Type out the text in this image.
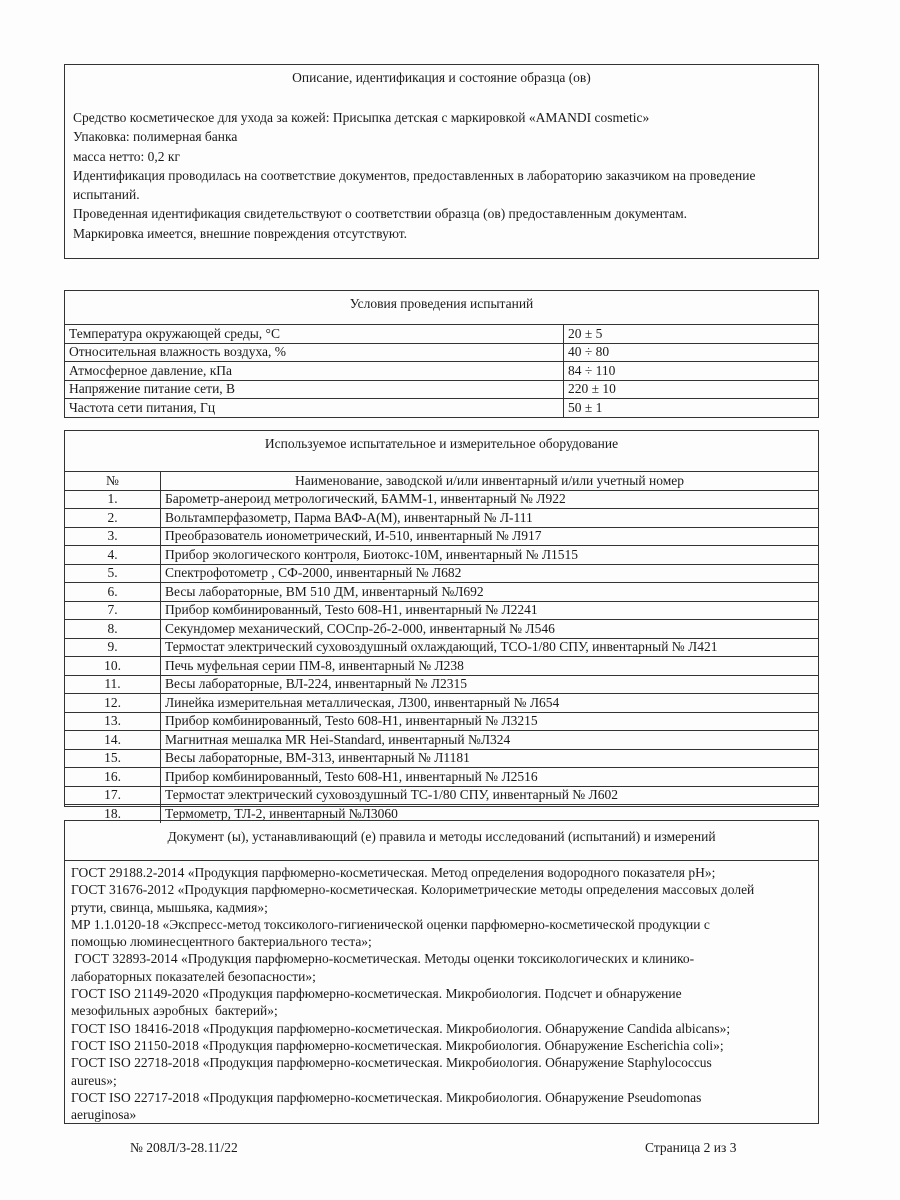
Описание, идентификация и состояние образца (ов)
Средство косметическое для ухода за кожей: Присыпка детская с маркировкой «AMANDI cosmetic»
Упаковка: полимерная банка
масса нетто: 0,2 кг
Идентификация проводилась на соответствие документов, предоставленных в лабораторию заказчиком на проведение
испытаний.
Проведенная идентификация свидетельствуют о соответствии образца (ов) предоставленным документам.
Маркировка имеется, внешние повреждения отсутствуют.
Условия проведения испытаний
Температура окружающей среды, °С	20 ± 5
Относительная влажность воздуха, %	40 ÷ 80
Атмосферное давление, кПа	84 ÷ 110
Напряжение питание сети, В	220 ± 10
Частота сети питания, Гц	50 ± 1
Используемое испытательное и измерительное оборудование
№	Наименование, заводской и/или инвентарный и/или учетный номер
1.	Барометр-анероид метрологический, БАММ-1, инвентарный № Л922
2.	Вольтамперфазометр, Парма ВАФ-А(М), инвентарный № Л-111
3.	Преобразователь ионометрический, И-510, инвентарный № Л917
4.	Прибор экологического контроля, Биотокс-10М, инвентарный № Л1515
5.	Спектрофотометр , СФ-2000, инвентарный № Л682
6.	Весы лабораторные, ВМ 510 ДМ, инвентарный №Л692
7.	Прибор комбинированный, Testo 608-H1, инвентарный № Л2241
8.	Секундомер механический, СОСпр-2б-2-000, инвентарный № Л546
9.	Термостат электрический суховоздушный охлаждающий, ТСО-1/80 СПУ, инвентарный № Л421
10.	Печь муфельная серии ПМ-8, инвентарный № Л238
11.	Весы лабораторные, ВЛ-224, инвентарный № Л2315
12.	Линейка измерительная металлическая, Л300, инвентарный № Л654
13.	Прибор комбинированный, Testo 608-H1, инвентарный № Л3215
14.	Магнитная мешалка MR Hei-Standard, инвентарный №Л324
15.	Весы лабораторные, ВМ-313, инвентарный № Л1181
16.	Прибор комбинированный, Testo 608-H1, инвентарный № Л2516
17.	Термостат электрический суховоздушный ТС-1/80 СПУ, инвентарный № Л602
18.	Термометр, ТЛ-2, инвентарный №Л3060
Документ (ы), устанавливающий (е) правила и методы исследований (испытаний) и измерений
ГОСТ 29188.2-2014 «Продукция парфюмерно-косметическая. Метод определения водородного показателя pH»;
ГОСТ 31676-2012 «Продукция парфюмерно-косметическая. Колориметрические методы определения массовых долей
ртути, свинца, мышьяка, кадмия»;
МР 1.1.0120-18 «Экспресс-метод токсиколого-гигиенической оценки парфюмерно-косметической продукции с
помощью люминесцентного бактериального теста»;
ГОСТ 32893-2014 «Продукция парфюмерно-косметическая. Методы оценки токсикологических и клинико-
лабораторных показателей безопасности»;
ГОСТ ISO 21149-2020 «Продукция парфюмерно-косметическая. Микробиология. Подсчет и обнаружение
мезофильных аэробных  бактерий»;
ГОСТ ISO 18416-2018 «Продукция парфюмерно-косметическая. Микробиология. Обнаружение Candida albicans»;
ГОСТ ISO 21150-2018 «Продукция парфюмерно-косметическая. Микробиология. Обнаружение Escherichia coli»;
ГОСТ ISO 22718-2018 «Продукция парфюмерно-косметическая. Микробиология. Обнаружение Staphylococcus
aureus»;
ГОСТ ISO 22717-2018 «Продукция парфюмерно-косметическая. Микробиология. Обнаружение Pseudomonas
aeruginosa»
№ 208Л/3-28.11/22	Страница 2 из 3
